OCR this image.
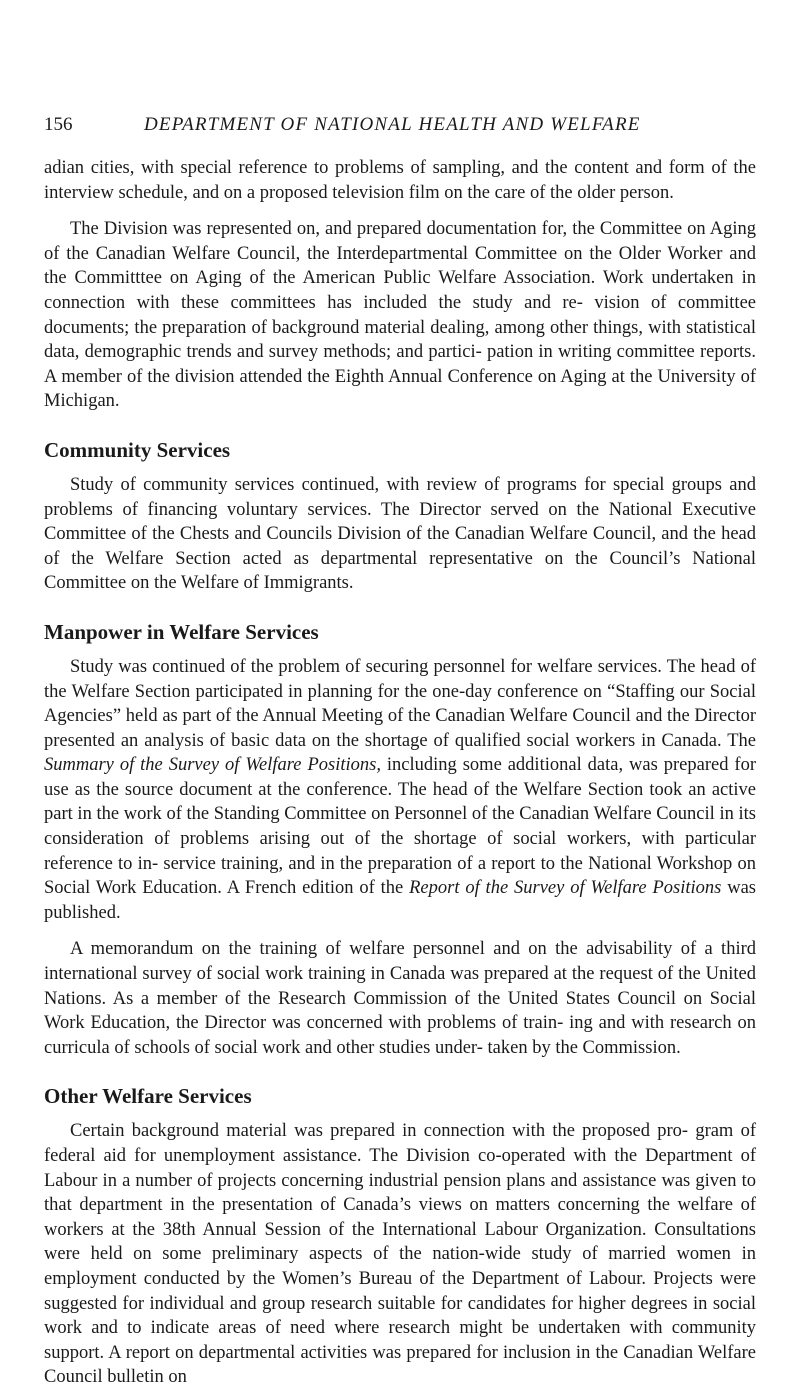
156	DEPARTMENT OF NATIONAL HEALTH AND WELFARE

adian cities, with special reference to problems of sampling, and the content and form of the interview schedule, and on a proposed television film on the care of the older person.

The Division was represented on, and prepared documentation for, the Committee on Aging of the Canadian Welfare Council, the Interdepartmental Committee on the Older Worker and the Committtee on Aging of the American Public Welfare Association. Work undertaken in connection with these committees has included the study and re- vision of committee documents; the preparation of background material dealing, among other things, with statistical data, demographic trends and survey methods; and partici- pation in writing committee reports. A member of the division attended the Eighth Annual Conference on Aging at the University of Michigan.

Community Services

Study of community services continued, with review of programs for special groups and problems of financing voluntary services. The Director served on the National Executive Committee of the Chests and Councils Division of the Canadian Welfare Council, and the head of the Welfare Section acted as departmental representative on the Council’s National Committee on the Welfare of Immigrants.

Manpower in Welfare Services

Study was continued of the problem of securing personnel for welfare services. The head of the Welfare Section participated in planning for the one-day conference on “Staffing our Social Agencies” held as part of the Annual Meeting of the Canadian Welfare Council and the Director presented an analysis of basic data on the shortage of qualified social workers in Canada. The Summary of the Survey of Welfare Positions, including some additional data, was prepared for use as the source document at the conference. The head of the Welfare Section took an active part in the work of the Standing Committee on Personnel of the Canadian Welfare Council in its consideration of problems arising out of the shortage of social workers, with particular reference to in- service training, and in the preparation of a report to the National Workshop on Social Work Education. A French edition of the Report of the Survey of Welfare Positions was published.

A memorandum on the training of welfare personnel and on the advisability of a third international survey of social work training in Canada was prepared at the request of the United Nations. As a member of the Research Commission of the United States Council on Social Work Education, the Director was concerned with problems of train- ing and with research on curricula of schools of social work and other studies under- taken by the Commission.

Other Welfare Services

Certain background material was prepared in connection with the proposed pro- gram of federal aid for unemployment assistance. The Division co-operated with the Department of Labour in a number of projects concerning industrial pension plans and assistance was given to that department in the presentation of Canada’s views on matters concerning the welfare of workers at the 38th Annual Session of the International Labour Organization. Consultations were held on some preliminary aspects of the nation-wide study of married women in employment conducted by the Women’s Bureau of the Department of Labour. Projects were suggested for individual and group research suitable for candidates for higher degrees in social work and to indicate areas of need where research might be undertaken with community support. A report on departmental activities was prepared for inclusion in the Canadian Welfare Council bulletin on
